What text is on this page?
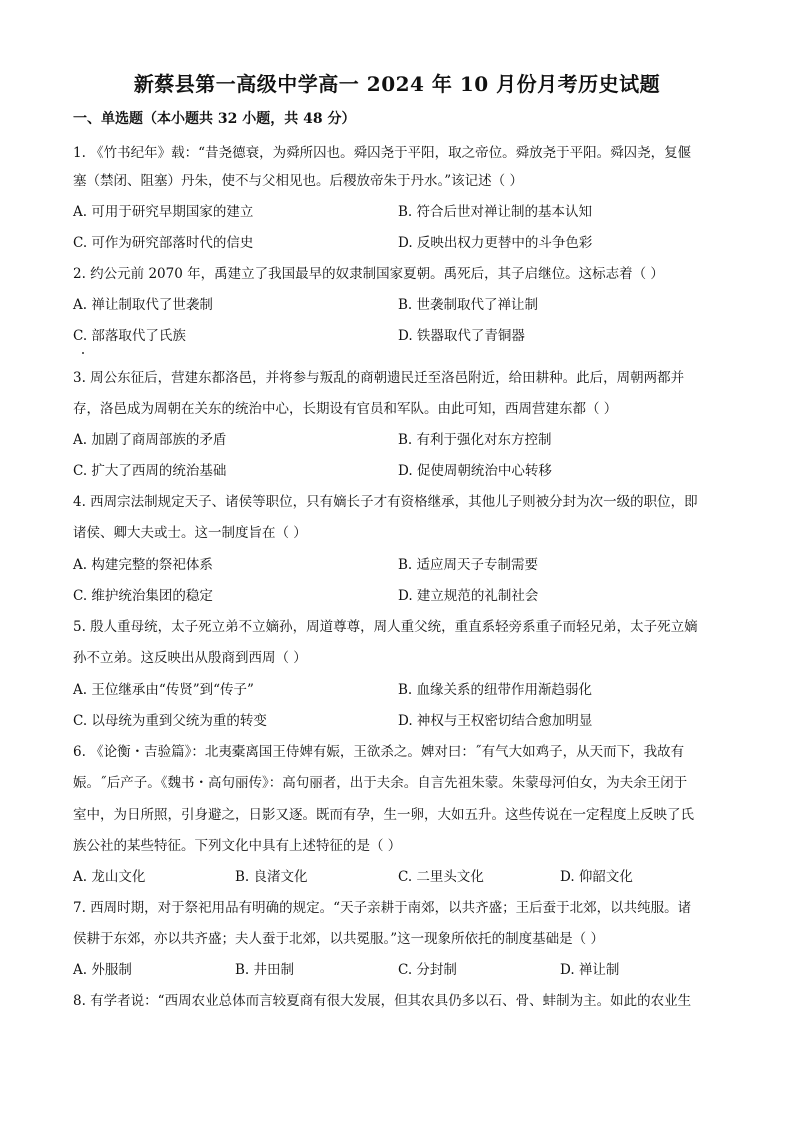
新蔡县第一高级中学高一 2024 年 10 月份月考历史试题
一、单选题（本小题共 32 小题，共 48 分）
1. 《竹书纪年》载：“昔尧德衰，为舜所囚也。舜囚尧于平阳，取之帝位。舜放尧于平阳。舜囚尧，复偃
塞（禁闭、阻塞）丹朱，使不与父相见也。后稷放帝朱于丹水。”该记述（ ）
A. 可用于研究早期国家的建立	B. 符合后世对禅让制的基本认知
C. 可作为研究部落时代的信史	D. 反映出权力更替中的斗争色彩
2. 约公元前 2070 年，禹建立了我国最早的奴隶制国家夏朝。禹死后，其子启继位。这标志着（ ）
A. 禅让制取代了世袭制	B. 世袭制取代了禅让制
C. 部落取代了氏族	D. 铁器取代了青铜器
3. 周公东征后，营建东都洛邑，并将参与叛乱的商朝遗民迁至洛邑附近，给田耕种。此后，周朝两都并
存，洛邑成为周朝在关东的统治中心，长期设有官员和军队。由此可知，西周营建东都（ ）
A. 加剧了商周部族的矛盾	B. 有利于强化对东方控制
C. 扩大了西周的统治基础	D. 促使周朝统治中心转移
4. 西周宗法制规定天子、诸侯等职位，只有嫡长子才有资格继承，其他儿子则被分封为次一级的职位，即
诸侯、卿大夫或士。这一制度旨在（ ）
A. 构建完整的祭祀体系	B. 适应周天子专制需要
C. 维护统治集团的稳定	D. 建立规范的礼制社会
5. 殷人重母统，太子死立弟不立嫡孙，周道尊尊，周人重父统，重直系轻旁系重子而轻兄弟，太子死立嫡
孙不立弟。这反映出从殷商到西周（ ）
A. 王位继承由“传贤”到“传子”	B. 血缘关系的纽带作用渐趋弱化
C. 以母统为重到父统为重的转变	D. 神权与王权密切结合愈加明显
6. 《论衡・吉验篇》：北夷橐离国王侍婢有娠，王欲杀之。婢对曰：˝有气大如鸡子，从天而下，我故有
娠。˝后产子。《魏书・高句丽传》：高句丽者，出于夫余。自言先祖朱蒙。朱蒙母河伯女，为夫余王闭于
室中，为日所照，引身避之，日影又逐。既而有孕，生一卵，大如五升。这些传说在一定程度上反映了氏
族公社的某些特征。下列文化中具有上述特征的是（ ）
A. 龙山文化	B. 良渚文化	C. 二里头文化	D. 仰韶文化
7. 西周时期，对于祭祀用品有明确的规定。“天子亲耕于南郊，以共齐盛；王后蚕于北郊，以共纯服。诸
侯耕于东郊，亦以共齐盛；夫人蚕于北郊，以共冕服。”这一现象所依托的制度基础是（ ）
A. 外服制	B. 井田制	C. 分封制	D. 禅让制
8. 有学者说：“西周农业总体而言较夏商有很大发展，但其农具仍多以石、骨、蚌制为主。如此的农业生
